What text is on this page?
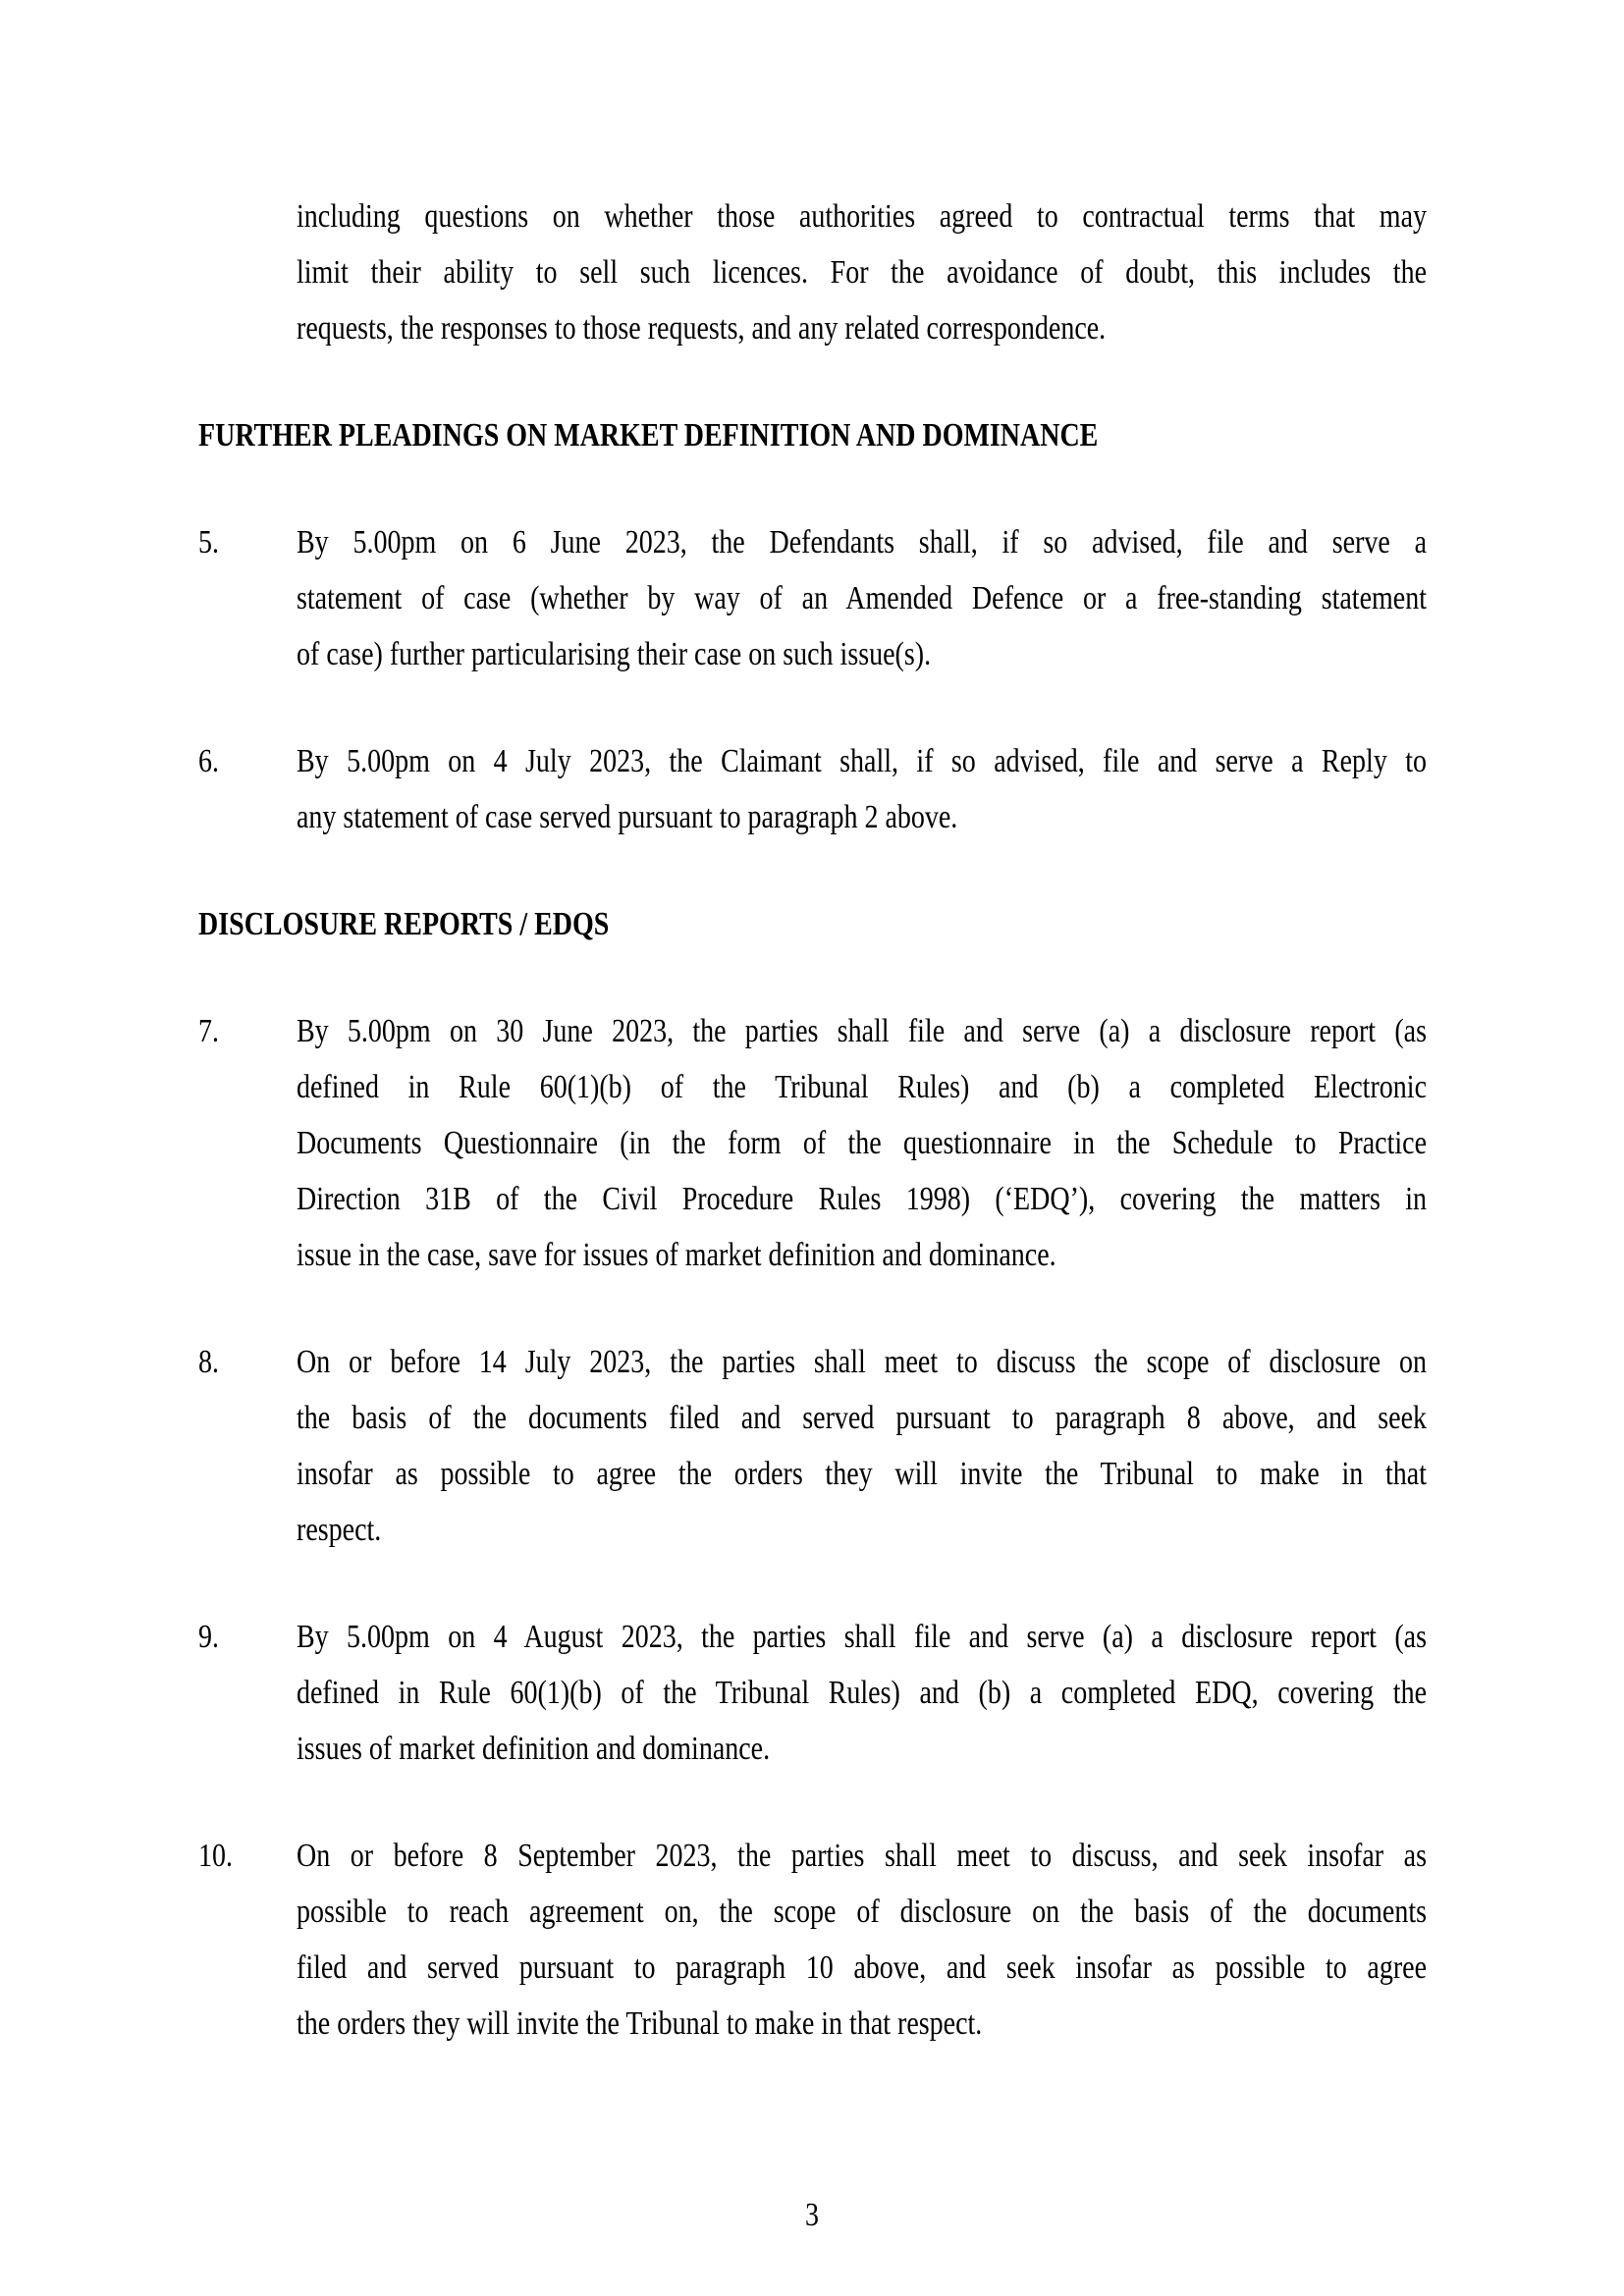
including questions on whether those authorities agreed to contractual terms that may
limit their ability to sell such licences. For the avoidance of doubt, this includes the
requests, the responses to those requests, and any related correspondence.
FURTHER PLEADINGS ON MARKET DEFINITION AND DOMINANCE
5.	By 5.00pm on 6 June 2023, the Defendants shall, if so advised, file and serve a
statement of case (whether by way of an Amended Defence or a free-standing statement
of case) further particularising their case on such issue(s).
6.	By 5.00pm on 4 July 2023, the Claimant shall, if so advised, file and serve a Reply to
any statement of case served pursuant to paragraph 2 above.
DISCLOSURE REPORTS / EDQS
7.	By 5.00pm on 30 June 2023, the parties shall file and serve (a) a disclosure report (as
defined in Rule 60(1)(b) of the Tribunal Rules) and (b) a completed Electronic
Documents Questionnaire (in the form of the questionnaire in the Schedule to Practice
Direction 31B of the Civil Procedure Rules 1998) (‘EDQ’), covering the matters in
issue in the case, save for issues of market definition and dominance.
8.	On or before 14 July 2023, the parties shall meet to discuss the scope of disclosure on
the basis of the documents filed and served pursuant to paragraph 8 above, and seek
insofar as possible to agree the orders they will invite the Tribunal to make in that
respect.
9.	By 5.00pm on 4 August 2023, the parties shall file and serve (a) a disclosure report (as
defined in Rule 60(1)(b) of the Tribunal Rules) and (b) a completed EDQ, covering the
issues of market definition and dominance.
10.	On or before 8 September 2023, the parties shall meet to discuss, and seek insofar as
possible to reach agreement on, the scope of disclosure on the basis of the documents
filed and served pursuant to paragraph 10 above, and seek insofar as possible to agree
the orders they will invite the Tribunal to make in that respect.
3
